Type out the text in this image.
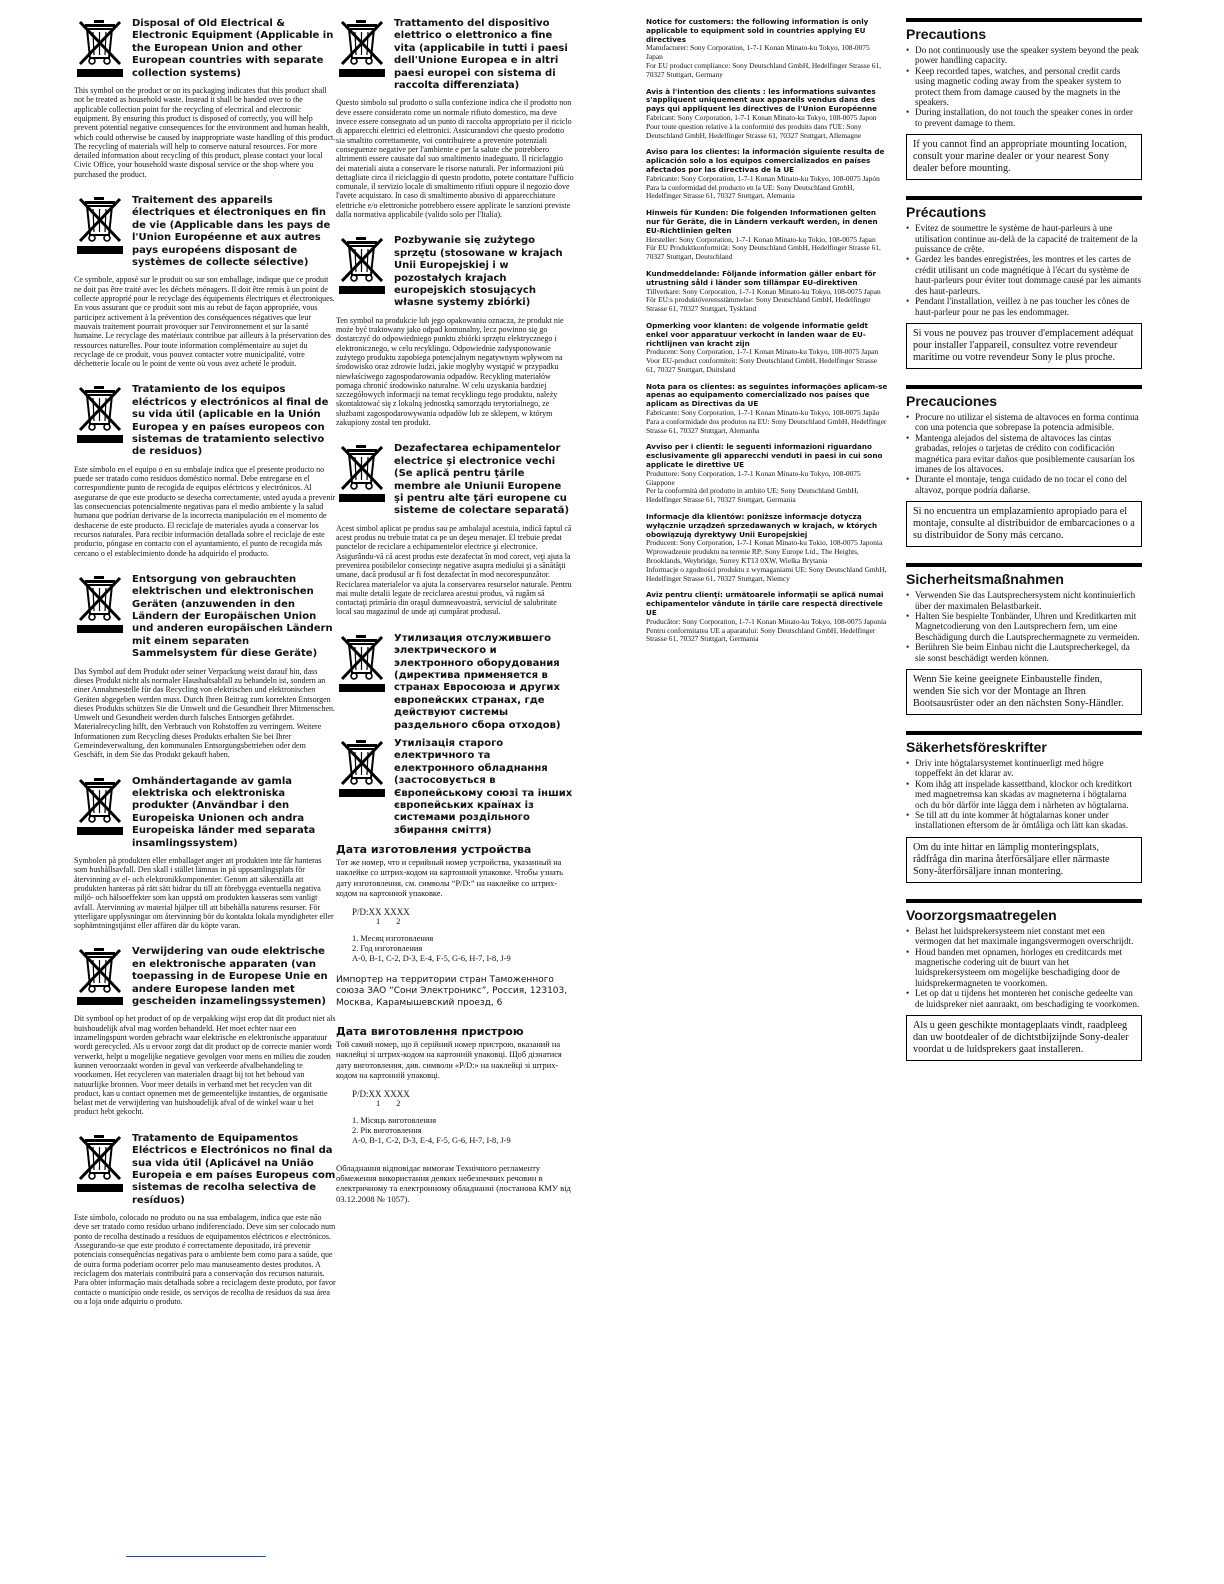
Disposal of Old Electrical & Electronic Equipment (Applicable in the European Union and other European countries with separate collection systems)

This symbol on the product or on its packaging indicates that this product shall not be treated as household waste. Instead it shall be handed over to the applicable collection point for the recycling of electrical and electronic equipment. By ensuring this product is disposed of correctly, you will help prevent potential negative consequences for the environment and human health, which could otherwise be caused by inappropriate waste handling of this product. The recycling of materials will help to conserve natural resources. For more detailed information about recycling of this product, please contact your local Civic Office, your household waste disposal service or the shop where you purchased the product.

Traitement des appareils électriques et électroniques en fin de vie (Applicable dans les pays de l'Union Européenne et aux autres pays européens disposant de systèmes de collecte sélective)

Ce symbole, apposé sur le produit ou sur son emballage, indique que ce produit ne doit pas être traité avec les déchets ménagers. Il doit être remis à un point de collecte approprié pour le recyclage des équipements électriques et électroniques. En vous assurant que ce produit sont mis au rebut de façon appropriée, vous participez activement à la prévention des conséquences négatives que leur mauvais traitement pourrait provoquer sur l'environnement et sur la santé humaine. Le recyclage des matériaux contribue par ailleurs à la préservation des ressources naturelles. Pour toute information complémentaire au sujet du recyclage de ce produit, vous pouvez contacter votre municipalité, votre déchetterie locale ou le point de vente où vous avez acheté le produit.

Tratamiento de los equipos eléctricos y electrónicos al final de su vida útil (aplicable en la Unión Europea y en países europeos con sistemas de tratamiento selectivo de residuos)

Este símbolo en el equipo o en su embalaje indica que el presente producto no puede ser tratado como residuos doméstico normal. Debe entregarse en el correspondiente punto de recogida de equipos eléctricos y electrónicos. Al asegurarse de que este producto se desecha correctamente, usted ayuda a prevenir las consecuencias potencialmente negativas para el medio ambiente y la salud humana que podrían derivarse de la incorrecta manipulación en el momento de deshacerse de este producto. El reciclaje de materiales ayuda a conservar los recursos naturales. Para recibir información detallada sobre el reciclaje de este producto, póngase en contacto con el ayuntamiento, el punto de recogida más cercano o el establecimiento donde ha adquirido el producto.

Entsorgung von gebrauchten elektrischen und elektronischen Geräten (anzuwenden in den Ländern der Europäischen Union und anderen europäischen Ländern mit einem separaten Sammelsystem für diese Geräte)

Das Symbol auf dem Produkt oder seiner Verpackung weist darauf hin, dass dieses Produkt nicht als normaler Haushaltsabfall zu behandeln ist, sondern an einer Annahmestelle für das Recycling von elektrischen und elektronischen Geräten abgegeben werden muss. Durch Ihren Beitrag zum korrekten Entsorgen dieses Produkts schützen Sie die Umwelt und die Gesundheit Ihrer Mitmenschen. Umwelt und Gesundheit werden durch falsches Entsorgen gefährdet. Materialrecycling hilft, den Verbrauch von Rohstoffen zu verringern. Weitere Informationen zum Recycling dieses Produkts erhalten Sie bei Ihrer Gemeindeverwaltung, den kommunalen Entsorgungsbetrieben oder dem Geschäft, in dem Sie das Produkt gekauft haben.

Omhändertagande av gamla elektriska och elektroniska produkter (Användbar i den Europeiska Unionen och andra Europeiska länder med separata insamlingssystem)

Symbolen på produkten eller emballaget anger att produkten inte får hanteras som hushållsavfall. Den skall i stället lämnas in på uppsamlingsplats för återvinning av el- och elektronikkomponenter. Genom att säkerställa att produkten hanteras på rätt sätt bidrar du till att förebygga eventuella negativa miljö- och hälsoeffekter som kan uppstå om produkten kasseras som vanligt avfall. Återvinning av material hjälper till att bibehålla naturens resurser. För ytterligare upplysningar om återvinning bör du kontakta lokala myndigheter eller sophämtningstjänst eller affären där du köpte varan.

Verwijdering van oude elektrische en elektronische apparaten (van toepassing in de Europese Unie en andere Europese landen met gescheiden inzamelingssystemen)

Dit symbool op het product of op de verpakking wijst erop dat dit product niet als huishoudelijk afval mag worden behandeld. Het moet echter naar een inzamelingspunt worden gebracht waar elektrische en elektronische apparatuur wordt gerecycled. Als u ervoor zorgt dat dit product op de correcte manier wordt verwerkt, helpt u mogelijke negatieve gevolgen voor mens en milieu die zouden kunnen veroorzaakt worden in geval van verkeerde afvalbehandeling te voorkomen. Het recycleren van materialen draagt bij tot het behoud van natuurlijke bronnen. Voor meer details in verband met het recyclen van dit product, kan u contact opnemen met de gemeentelijke instanties, de organisatie belast met de verwijdering van huishoudelijk afval of de winkel waar u het product hebt gekocht.

Tratamento de Equipamentos Eléctricos e Electrónicos no final da sua vida útil (Aplicável na União Europeia e em países Europeus com sistemas de recolha selectiva de resíduos)

Este símbolo, colocado no produto ou na sua embalagem, indica que este não deve ser tratado como resíduo urbano indiferenciado. Deve sim ser colocado num ponto de recolha destinado a resíduos de equipamentos eléctricos e electrónicos. Assegurando-se que este produto é correctamente depositado, irá prevenir potenciais consequências negativas para o ambiente bem como para a saúde, que de outra forma poderiam ocorrer pelo mau manuseamento destes produtos. A reciclagem dos materiais contribuirá para a conservação dos recursos naturais. Para obter informação mais detalhada sobre a reciclagem deste produto, por favor contacte o município onde reside, os serviços de recolha de resíduos da sua área ou a loja onde adquiriu o produto.

Trattamento del dispositivo elettrico o elettronico a fine vita (applicabile in tutti i paesi dell'Unione Europea e in altri paesi europei con sistema di raccolta differenziata)

Questo simbolo sul prodotto o sulla confezione indica che il prodotto non deve essere considerato come un normale rifiuto domestico, ma deve invece essere consegnato ad un punto di raccolta appropriato per il riciclo di apparecchi elettrici ed elettronici. Assicurandovi che questo prodotto sia smaltito correttamente, voi contribuirete a prevenire potenziali conseguenze negative per l'ambiente e per la salute che potrebbero altrimenti essere causate dal suo smaltimento inadeguato. Il riciclaggio dei materiali aiuta a conservare le risorse naturali. Per informazioni più dettagliate circa il riciclaggio di questo prodotto, potete contattare l'ufficio comunale, il servizio locale di smaltimento rifiuti oppure il negozio dove l'avete acquistato. In caso di smaltimento abusivo di apparecchiature elettriche e/o elettroniche potrebbero essere applicate le sanzioni previste dalla normativa applicabile (valido solo per l'Italia).

Pozbywanie się zużytego sprzętu (stosowane w krajach Unii Europejskiej i w pozostałych krajach europejskich stosujących własne systemy zbiórki)

Ten symbol na produkcie lub jego opakowaniu oznacza, że produkt nie może być traktowany jako odpad komunalny, lecz powinno się go dostarczyć do odpowiedniego punktu zbiórki sprzętu elektrycznego i elektronicznego, w celu recyklingu. Odpowiednie zadysponowanie zużytego produktu zapobiega potencjalnym negatywnym wpływom na środowisko oraz zdrowie ludzi, jakie mogłyby wystąpić w przypadku niewłaściwego zagospodarowania odpadów. Recykling materiałów pomaga chronić środowisko naturalne. W celu uzyskania bardziej szczegółowych informacji na temat recyklingu tego produktu, należy skontaktować się z lokalną jednostką samorządu terytorialnego, ze służbami zagospodarowywania odpadów lub ze sklepem, w którym zakupiony został ten produkt.

Dezafectarea echipamentelor electrice şi electronice vechi (Se aplică pentru ţările membre ale Uniunii Europene şi pentru alte ţări europene cu sisteme de colectare separată)

Acest simbol aplicat pe produs sau pe ambalajul acestuia, indică faptul că acest produs nu trebuie tratat ca pe un deşeu menajer. El trebuie predat punctelor de reciclare a echipamentelor electrice şi electronice. Asigurându-vă că acest produs este dezafectat în mod corect, veţi ajuta la prevenirea posibilelor consecinţe negative asupra mediului şi a sănătăţii umane, dacă produsul ar fi fost dezafectat în mod necorespunzător. Reciclarea materialelor va ajuta la conservarea resurselor naturale. Pentru mai multe detalii legate de reciclarea acestui produs, vă rugăm să contactaţi primăria din oraşul dumneavoastră, serviciul de salubritate local sau magazinul de unde aţi cumpărat produsul.

Утилизация отслужившего электрического и электронного оборудования (директива применяется в странах Евросоюза и других европейских странах, где действуют системы раздельного сбора отходов)
Утилізація старого електричного та електронного обладнання (застосовується в Європейському союзі та інших європейських країнах із системами роздільного збирання сміття)
Дата изготовления устройства

Тот же номер, что и серийный номер устройства, указанный на наклейке со штрих-кодом на картонной упаковке. Чтобы узнать дату изготовления, см. символы “P/D:” на наклейке со штрих-кодом на картонной упаковке.

P/D:XX XXXX
1 2
1. Месяц изготовления
2. Год изготовления
A-0, B-1, C-2, D-3, E-4, F-5, G-6, H-7, I-8, J-9

Импортер на территории стран Таможенного союза ЗАО “Сони Электроникс”, Россия, 123103, Москва, Карамышевский проезд, 6

Дата виготовлення пристрою

Той самий номер, що й серійний номер пристрою, вказаний на наклейці зі штрих-кодом на картонній упаковці. Щоб дізнатися дату виготовлення, див. символи «P/D:» на наклейці зі штрих-кодом на картонній упаковці.

P/D:XX XXXX
1 2
1. Місяць виготовлення
2. Рік виготовлення
A-0, B-1, C-2, D-3, E-4, F-5, G-6, H-7, I-8, J-9

Обладнання відповідає вимогам Технічного регламенту обмеження використання деяких небезпечних речовин в електричному та електронному обладнанні (постанова КМУ від 03.12.2008 № 1057).

Notice for customers: the following information is only applicable to equipment sold in countries applying EU directives

Manufacturer: Sony Corporation, 1-7-1 Konan Minato-ku Tokyo, 108-0075 Japan
For EU product compliance: Sony Deutschland GmbH, Hedelfinger Strasse 61, 70327 Stuttgart, Germany

Avis à l'intention des clients : les informations suivantes s'appliquent uniquement aux appareils vendus dans des pays qui appliquent les directives de l'Union Européenne

Fabricant: Sony Corporation, 1-7-1 Konan Minato-ku Tokyo, 108-0075 Japon
Pour toute question relative à la conformité des produits dans l'UE: Sony Deutschland GmbH, Hedelfinger Strasse 61, 70327 Stuttgart, Allemagne

Aviso para los clientes: la información siguiente resulta de aplicación solo a los equipos comercializados en países afectados por las directivas de la UE

Fabricante: Sony Corporation, 1-7-1 Konan Minato-ku Tokyo, 108-0075 Japón
Para la conformidad del producto en la UE: Sony Deutschland GmbH, Hedelfinger Strasse 61, 70327 Stuttgart, Alemania

Hinweis für Kunden: Die folgenden Informationen gelten nur für Geräte, die in Ländern verkauft werden, in denen EU-Richtlinien gelten

Hersteller: Sony Corporation, 1-7-1 Konan Minato-ku Tokio, 108-0075 Japan
Für EU Produktkonformität: Sony Deutschland GmbH, Hedelfinger Strasse 61, 70327 Stuttgart, Deutschland

Kundmeddelande: Följande information gäller enbart för utrustning såld i länder som tillämpar EU-direktiven

Tillverkare: Sony Corporation, 1-7-1 Konan Minato-ku Tokyo, 108-0075 Japan
För EU:s produktöverensstämmelse: Sony Deutschland GmbH, Hedelfinger Strasse 61, 70327 Stuttgart, Tyskland

Opmerking voor klanten: de volgende informatie geldt enkel voor apparatuur verkocht in landen waar de EU-richtlijnen van kracht zijn

Producent: Sony Corporation, 1-7-1 Konan Minato-ku Tokyo, 108-0075 Japan
Voor EU-product conformiteit: Sony Deutschland GmbH, Hedelfinger Strasse 61, 70327 Stuttgart, Duitsland

Nota para os clientes: as seguintes informações aplicam-se apenas ao equipamento comercializado nos países que aplicam as Directivas da UE

Fabricante: Sony Corporation, 1-7-1 Konan Minato-ku Tokyo, 108-0075 Japão
Para a conformidade dos produtos na EU: Sony Deutschland GmbH, Hedelfinger Strasse 61, 70327 Stuttgart, Alemanha

Avviso per i clienti: le seguenti informazioni riguardano esclusivamente gli apparecchi venduti in paesi in cui sono applicate le direttive UE

Produttore: Sony Corporation, 1-7-1 Konan Minato-ku Tokyo, 108-0075 Giappone
Per la conformità del prodotto in ambito UE: Sony Deutschland GmbH, Hedelfinger Strasse 61, 70327 Stuttgart, Germania

Informacje dla klientów: poniższe informacje dotyczą wyłącznie urządzeń sprzedawanych w krajach, w których obowiązują dyrektywy Unii Europejskiej

Producent: Sony Corporation, 1-7-1 Konan Minato-ku Tokio, 108-0075 Japonia
Wprowadzenie produktu na terenie RP: Sony Europe Ltd., The Heights, Brooklands, Weybridge, Surrey KT13 0XW, Wielka Brytania
Informacje o zgodności produktu z wymaganiami UE: Sony Deutschland GmbH, Hedelfinger Strasse 61, 70327 Stuttgart, Niemcy

Aviz pentru clienţi: următoarele informaţii se aplică numai echipamentelor vândute în ţările care respectă directivele UE

Producător: Sony Corporation, 1-7-1 Konan Minato-ku Tokyo, 108-0075 Japonia
Pentru conformitatea UE a aparatului: Sony Deutschland GmbH, Hedelfinger Strasse 61, 70327 Stuttgart, Germania

Precautions
• Do not continuously use the speaker system beyond the peak power handling capacity.
• Keep recorded tapes, watches, and personal credit cards using magnetic coding away from the speaker system to protect them from damage caused by the magnets in the speakers.
• During installation, do not touch the speaker cones in order to prevent damage to them.
If you cannot find an appropriate mounting location, consult your marine dealer or your nearest Sony dealer before mounting.
Précautions
• Evitez de soumettre le système de haut-parleurs à une utilisation continue au-delà de la capacité de traitement de la puissance de crête.
• Gardez les bandes enregistrées, les montres et les cartes de crédit utilisant un code magnétique à l'écart du système de haut-parleurs pour éviter tout dommage causé par les aimants des haut-parleurs.
• Pendant l'installation, veillez à ne pas toucher les cônes de haut-parleur pour ne pas les endommager.
Si vous ne pouvez pas trouver d'emplacement adéquat pour installer l'appareil, consultez votre revendeur maritime ou votre revendeur Sony le plus proche.
Precauciones
• Procure no utilizar el sistema de altavoces en forma continua con una potencia que sobrepase la potencia admisible.
• Mantenga alejados del sistema de altavoces las cintas grabadas, relojes o tarjetas de crédito con codificación magnética para evitar daños que posiblemente causarían los imanes de los altavoces.
• Durante el montaje, tenga cuidado de no tocar el cono del altavoz, porque podría dañarse.
Si no encuentra un emplazamiento apropiado para el montaje, consulte al distribuidor de embarcaciones o a su distribuidor de Sony más cercano.
Sicherheitsmaßnahmen
• Verwenden Sie das Lautsprechersystem nicht kontinuierlich über der maximalen Belastbarkeit.
• Halten Sie bespielte Tonbänder, Uhren und Kreditkarten mit Magnetcodierung von den Lautsprechern fern, um eine Beschädigung durch die Lautsprechermagnete zu vermeiden.
• Berühren Sie beim Einbau nicht die Lautsprecherkegel, da sie sonst beschädigt werden können.
Wenn Sie keine geeignete Einbaustelle finden, wenden Sie sich vor der Montage an Ihren Bootsausrüster oder an den nächsten Sony-Händler.
Säkerhetsföreskrifter
• Driv inte högtalarsystemet kontinuerligt med högre toppeffekt än det klarar av.
• Kom ihåg att inspelade kassettband, klockor och kreditkort med magnetremsa kan skadas av magneterna i högtalarna och du bör därför inte lägga dem i närheten av högtalarna.
• Se till att du inte kommer åt högtalarnas koner under installationen eftersom de är ömtåliga och lätt kan skadas.
Om du inte hittar en lämplig monteringsplats, rådfråga din marina återförsäljare eller närmaste Sony-återförsäljare innan montering.
Voorzorgsmaatregelen
• Belast het luidsprekersysteem niet constant met een vermogen dat het maximale ingangsvermogen overschrijdt.
• Houd banden met opnamen, horloges en creditcards met magnetische codering uit de buurt van het luidsprekersysteem om mogelijke beschadiging door de luidsprekermagneten te voorkomen.
• Let op dat u tijdens het monteren het conische gedeelte van de luidspreker niet aanraakt, om beschadiging te voorkomen.
Als u geen geschikte montageplaats vindt, raadpleeg dan uw bootdealer of de dichtstbijzijnde Sony-dealer voordat u de luidsprekers gaat installeren.
